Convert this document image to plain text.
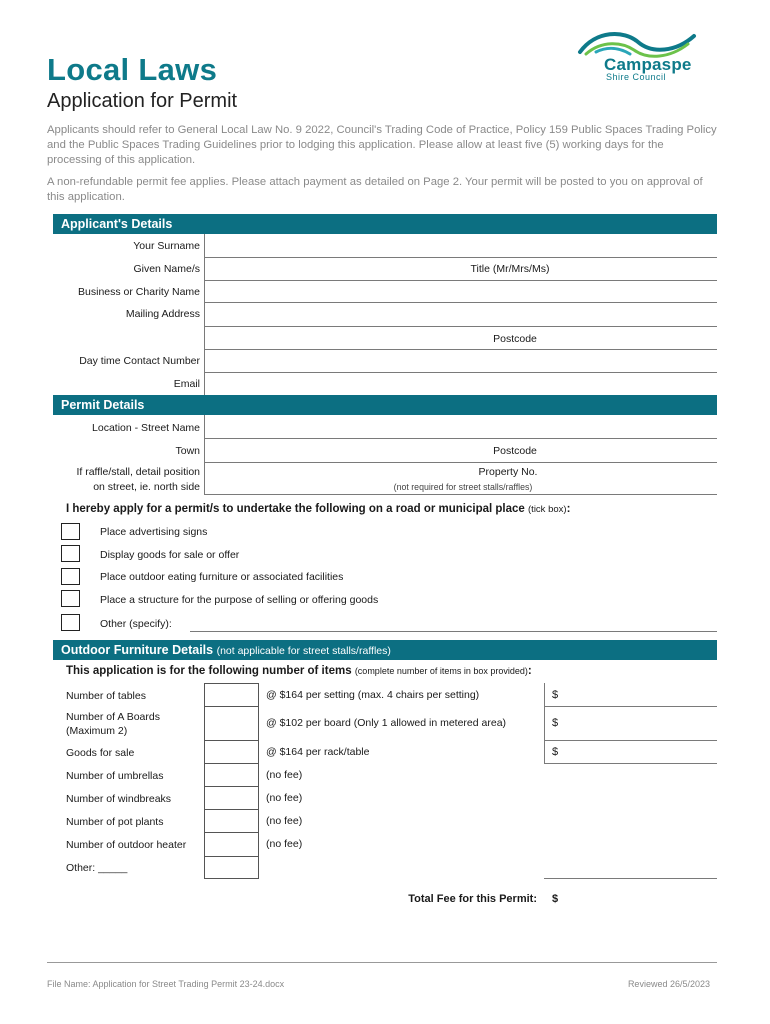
Local Laws
Application for Permit
Campaspe
Shire Council
Applicants should refer to General Local Law No. 9 2022, Council's Trading Code of Practice, Policy 159 Public Spaces Trading Policy and the Public Spaces Trading Guidelines prior to lodging this application. Please allow at least five (5) working days for the processing of this application.
A non-refundable permit fee applies. Please attach payment as detailed on Page 2. Your permit will be posted to you on approval of this application.
Applicant's Details
Your Surname
Given Name/s	Title (Mr/Mrs/Ms)
Business or Charity Name
Mailing Address
Postcode
Day time Contact Number
Email
Permit Details
Location - Street Name
Town	Postcode
If raffle/stall, detail position
on street, ie. north side
Property No.
(not required for street stalls/raffles)
I hereby apply for a permit/s to undertake the following on a road or municipal place (tick box):
Place advertising signs
Display goods for sale or offer
Place outdoor eating furniture or associated facilities
Place a structure for the purpose of selling or offering goods
Other (specify):
Outdoor Furniture Details (not applicable for street stalls/raffles)
This application is for the following number of items (complete number of items in box provided):
Number of tables	@ $164 per setting (max. 4 chairs per setting)	$
Number of A Boards
(Maximum 2)
@ $102 per board (Only 1 allowed in metered area)	$
Goods for sale	@ $164 per rack/table	$
Number of umbrellas	(no fee)
Number of windbreaks	(no fee)
Number of pot plants	(no fee)
Number of outdoor heater	(no fee)
Other: _____
Total Fee for this Permit: $
File Name: Application for Street Trading Permit 23-24.docx	Reviewed 26/5/2023
